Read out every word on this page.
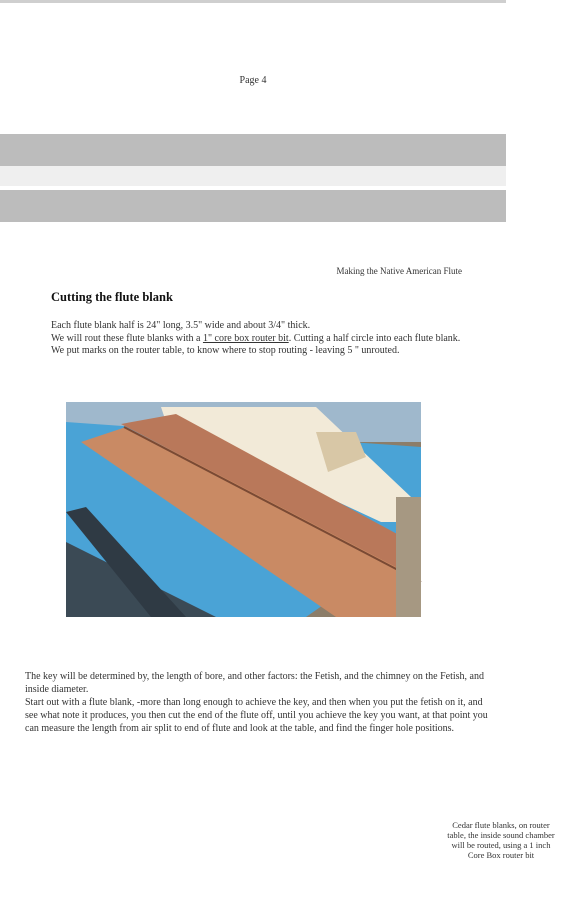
Page 4
Making the Native American Flute
Cutting the flute blank

Each flute blank half is 24" long, 3.5" wide and about 3/4" thick.

We will rout these flute blanks with a 1" core box router bit. Cutting a half circle into each flute blank.

We put marks on the router table, to know where to stop routing - leaving 5 " unrouted.

Cedar flute blanks, on router table, the inside sound chamber will be routed, using a 1 inch Core Box router bit

The key will be determined by, the length of bore, and other factors: the Fetish, and the chimney on the Fetish, and inside diameter.

Start out with a flute blank, -more than long enough to achieve the key, and then when you put the fetish on it, and see what note it produces, you then cut the end of the flute off, until you achieve the key you want, at that point you can measure the length from air split to end of flute and look at the table, and find the finger hole positions.
